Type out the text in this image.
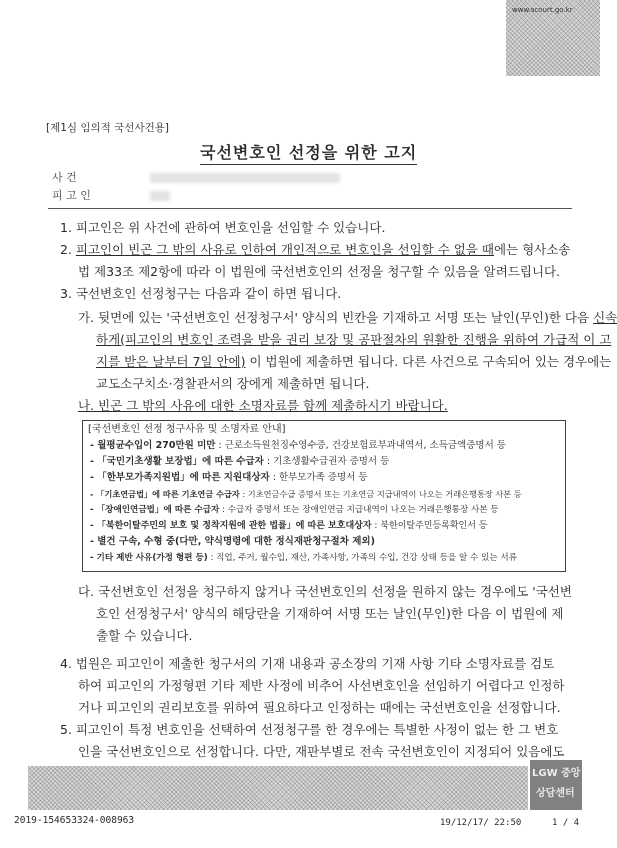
www.scourt.go.kr
[제1심 임의적 국선사건용]
국선변호인 선정을 위한 고지
사 건
피 고 인
1. 피고인은 위 사건에 관하여 변호인을 선임할 수 있습니다.
2. 피고인이 빈곤 그 밖의 사유로 인하여 개인적으로 변호인을 선임할 수 없을 때에는 형사소송
법 제33조 제2항에 따라 이 법원에 국선변호인의 선정을 청구할 수 있음을 알려드립니다.
3. 국선변호인 선정청구는 다음과 같이 하면 됩니다.
가. 뒷면에 있는 '국선변호인 선정청구서' 양식의 빈칸을 기재하고 서명 또는 날인(무인)한 다음 신속
하게(피고인의 변호인 조력을 받을 권리 보장 및 공판절차의 원활한 진행을 위하여 가급적 이 고
지를 받은 날부터 7일 안에) 이 법원에 제출하면 됩니다. 다른 사건으로 구속되어 있는 경우에는
교도소구치소·경찰관서의 장에게 제출하면 됩니다.
나. 빈곤 그 밖의 사유에 대한 소명자료를 함께 제출하시기 바랍니다.
[국선변호인 선정 청구사유 및 소명자료 안내]
- 월평균수입이 270만원 미만 : 근로소득원천징수영수증, 건강보험료부과내역서, 소득금액증명서 등
- 「국민기초생활 보장법」에 따른 수급자 : 기초생활수급권자 증명서 등
- 「한부모가족지원법」에 따른 지원대상자 : 한부모가족 증명서 등
- 「기초연금법」에 따른 기초연금 수급자 : 기초연금수급 증명서 또는 기초연금 지급내역이 나오는 거래은행통장 사본 등
- 「장애인연금법」에 따른 수급자 : 수급자 증명서 또는 장애인연금 지급내역이 나오는 거래은행통장 사본 등
- 「북한이탈주민의 보호 및 정착지원에 관한 법률」에 따른 보호대상자 : 북한이탈주민등록확인서 등
- 별건 구속, 수형 중(다만, 약식명령에 대한 정식재판청구절차 제외)
- 기타 제반 사유(가정 형편 등) : 직업, 주거, 월수입, 재산, 가족사항, 가족의 수입, 건강 상태 등을 알 수 있는 서류
다. 국선변호인 선정을 청구하지 않거나 국선변호인의 선정을 원하지 않는 경우에도 '국선변
호인 선정청구서' 양식의 해당란을 기재하여 서명 또는 날인(무인)한 다음 이 법원에 제
출할 수 있습니다.
4. 법원은 피고인이 제출한 청구서의 기재 내용과 공소장의 기재 사항 기타 소명자료를 검토
하여 피고인의 가정형편 기타 제반 사정에 비추어 사선변호인을 선임하기 어렵다고 인정하
거나 피고인의 권리보호를 위하여 필요하다고 인정하는 때에는 국선변호인을 선정합니다.
5. 피고인이 특정 변호인을 선택하여 선정청구를 한 경우에는 특별한 사정이 없는 한 그 변호
인을 국선변호인으로 선정합니다. 다만, 재판부별로 전속 국선변호인이 지정되어 있음에도
LGW 중앙
상담센터
2019-154653324-008963	19/12/17/ 22:50	1 / 4
